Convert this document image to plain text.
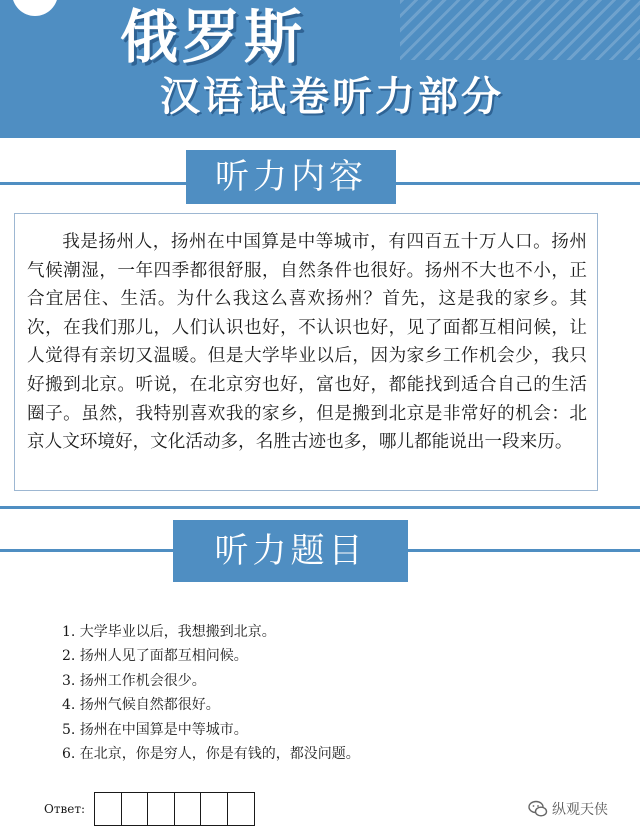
俄罗斯
汉语试卷听力部分
听力内容

我是扬州人，扬州在中国算是中等城市，有四百五十万人口。扬州气候潮湿，一年四季都很舒服，自然条件也很好。扬州不大也不小，正合宜居住、生活。为什么我这么喜欢扬州？首先，这是我的家乡。其次，在我们那儿，人们认识也好，不认识也好，见了面都互相问候，让人觉得有亲切又温暖。但是大学毕业以后，因为家乡工作机会少，我只好搬到北京。听说，在北京穷也好，富也好，都能找到适合自己的生活圈子。虽然，我特别喜欢我的家乡，但是搬到北京是非常好的机会：北京人文环境好，文化活动多，名胜古迹也多，哪儿都能说出一段来历。

听力题目
1. 大学毕业以后，我想搬到北京。
2. 扬州人见了面都互相问候。
3. 扬州工作机会很少。
4. 扬州气候自然都很好。
5. 扬州在中国算是中等城市。
6. 在北京，你是穷人，你是有钱的，都没问题。
Ответ:	纵观天侠
